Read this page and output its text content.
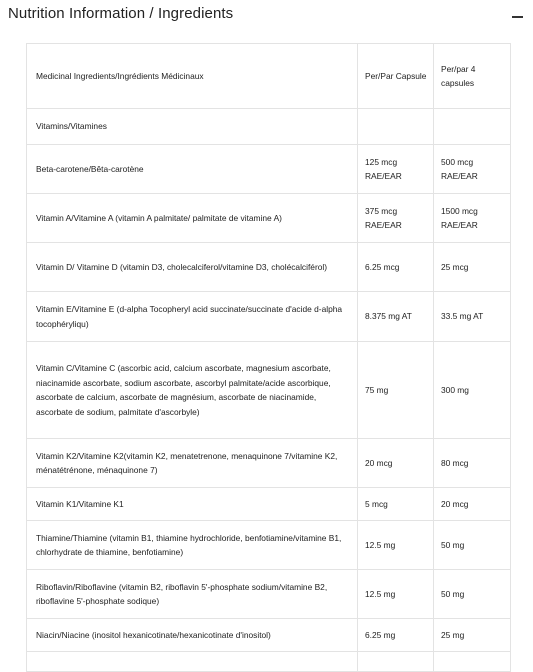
Nutrition Information / Ingredients
Medicinal Ingredients/Ingrédients Médicinaux	Per/Par Capsule	Per/par 4 capsules
Vitamins/Vitamines		
Beta-carotene/Bêta-carotène	125 mcg RAE/EAR	500 mcg RAE/EAR
Vitamin A/Vitamine A (vitamin A palmitate/ palmitate de vitamine A)	375 mcg RAE/EAR	1500 mcg RAE/EAR
Vitamin D/ Vitamine D (vitamin D3, cholecalciferol/vitamine D3, cholécalciférol)	6.25 mcg	25 mcg
Vitamin E/Vitamine E (d-alpha Tocopheryl acid succinate/succinate d'acide d-alpha tocophéryliqu)	8.375 mg AT	33.5 mg AT
Vitamin C/Vitamine C (ascorbic acid, calcium ascorbate, magnesium ascorbate, niacinamide ascorbate, sodium ascorbate, ascorbyl palmitate/acide ascorbique, ascorbate de calcium, ascorbate de magnésium, ascorbate de niacinamide, ascorbate de sodium, palmitate d'ascorbyle)	75 mg	300 mg
Vitamin K2/Vitamine K2(vitamin K2, menatetrenone, menaquinone 7/vitamine K2, ménatétrénone, ménaquinone 7)	20 mcg	80 mcg
Vitamin K1/Vitamine K1	5 mcg	20 mcg
Thiamine/Thiamine (vitamin B1, thiamine hydrochloride, benfotiamine/vitamine B1, chlorhydrate de thiamine, benfotiamine)	12.5 mg	50 mg
Riboflavin/Riboflavine (vitamin B2, riboflavin 5'-phosphate sodium/vitamine B2, riboflavine 5'-phosphate sodique)	12.5 mg	50 mg
Niacin/Niacine (inositol hexanicotinate/hexanicotinate d'inositol)	6.25 mg	25 mg
